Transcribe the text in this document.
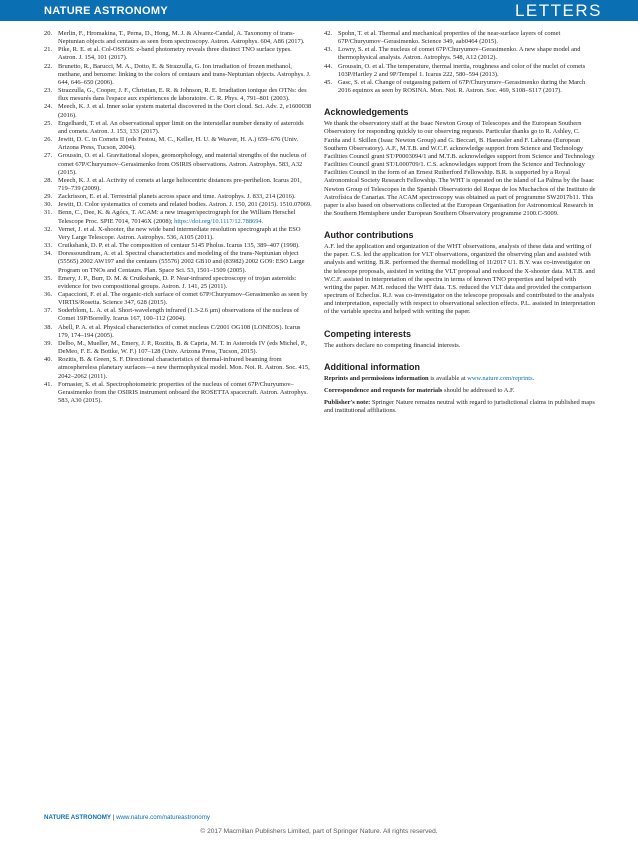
NATURE ASTRONOMY	LETTERS
20. Merlin, F., Hromakina, T., Perna, D., Hong, M. J. & Alvarez-Candal, A. Taxonomy of trans-Neptunian objects and centaurs as seen from spectroscopy. Astron. Astrophys. 604, A86 (2017).
21. Pike, R. E. et al. Col-OSSOS: z-band photometry reveals three distinct TNO surface types. Astron. J. 154, 101 (2017).
22. Brunetto, R., Barucci, M. A., Dotto, E. & Strazzulla, G. Ion irradiation of frozen methanol, methane, and benzene: linking to the colors of centaurs and trans-Neptunian objects. Astrophys. J. 644, 646–650 (2006).
23. Strazzulla, G., Cooper, J. F., Christian, E. R. & Johnson, R. E. Irradiation ionique des OTNs: des flux mesurés dans l'espace aux expériences de laboratoire. C. R. Phys. 4, 791–801 (2003).
24. Meech, K. J. et al. Inner solar system material discovered in the Oort cloud. Sci. Adv. 2, e1600038 (2016).
25. Engelhardt, T. et al. An observational upper limit on the interstellar number density of asteroids and comets. Astron. J. 153, 133 (2017).
26. Jewitt, D. C. in Comets II (eds Festou, M. C., Keller, H. U. & Weaver, H. A.) 659–676 (Univ. Arizona Press, Tucson, 2004).
27. Groussin, O. et al. Gravitational slopes, geomorphology, and material strengths of the nucleus of comet 67P/Churyumov–Gerasimenko from OSIRIS observations. Astron. Astrophys. 583, A32 (2015).
28. Meech, K. J. et al. Activity of comets at large heliocentric distances pre-perihelion. Icarus 201, 719–739 (2009).
29. Zackrisson, E. et al. Terrestrial planets across space and time. Astrophys. J. 833, 214 (2016).
30. Jewitt, D. Color systematics of comets and related bodies. Astron. J. 150, 201 (2015). 1510.07069.
31. Benn, C., Dee, K. & Agócs, T. ACAM: a new imager/spectrograph for the William Herschel Telescope Proc. SPIE 7014, 70146X (2008); https://doi.org/10.1117/12.788694.
32. Vernet, J. et al. X-shooter, the new wide band intermediate resolution spectrograph at the ESO Very Large Telescope. Astron. Astrophys. 536, A105 (2011).
33. Cruikshank, D. P. et al. The composition of centaur 5145 Pholus. Icarus 135, 389–407 (1998).
34. Doressoundiram, A. et al. Spectral characteristics and modeling of the trans-Neptunian object (55565) 2002 AW197 and the centaurs (55576) 2002 GB10 and (83982) 2002 GO9: ESO Large Program on TNOs and Centaurs. Plan. Space Sci. 53, 1501–1509 (2005).
35. Emery, J. P., Burr, D. M. & Cruikshank, D. P. Near-infrared spectroscopy of trojan asteroids: evidence for two compositional groups. Astron. J. 141, 25 (2011).
36. Capaccioni, F. et al. The organic-rich surface of comet 67P/Churyumov–Gerasimenko as seen by VIRTIS/Rosetta. Science 347, 628 (2015).
37. Soderblom, L. A. et al. Short-wavelength infrared (1.3-2.6 μm) observations of the nucleus of Comet 19P/Borrelly. Icarus 167, 100–112 (2004).
38. Abell, P. A. et al. Physical characteristics of comet nucleus C/2001 OG108 (LONEOS). Icarus 179, 174–194 (2005).
39. Delbo, M., Mueller, M., Emery, J. P., Rozitis, B. & Capria, M. T. in Asteroids IV (eds Michel, P., DeMeo, F. E. & Bottke, W. F.) 107–128 (Univ. Arizona Press, Tucson, 2015).
40. Rozitis, B. & Green, S. F. Directional characteristics of thermal-infrared beaming from atmosphereless planetary surfaces—a new thermophysical model. Mon. Not. R. Astron. Soc. 415, 2042–2062 (2011).
41. Fornasier, S. et al. Spectrophotometric properties of the nucleus of comet 67P/Churyumov–Gerasimenko from the OSIRIS instrument onboard the ROSETTA spacecraft. Astron. Astrophys. 583, A30 (2015).
42. Spohn, T. et al. Thermal and mechanical properties of the near-surface layers of comet 67P/Churyumov–Gerasimenko. Science 349, aab0464 (2015).
43. Lowry, S. et al. The nucleus of comet 67P/Churyumov–Gerasimenko. A new shape model and thermophysical analysis. Astron. Astrophys. 548, A12 (2012).
44. Groussin, O. et al. The temperature, thermal inertia, roughness and color of the nuclei of comets 103P/Hartley 2 and 9P/Tempel 1. Icarus 222, 580–594 (2013).
45. Gasc, S. et al. Change of outgassing pattern of 67P/Churyumov–Gerasimenko during the March 2016 equinox as seen by ROSINA. Mon. Not. R. Astron. Soc. 469, S108–S117 (2017).
Acknowledgements

We thank the observatory staff at the Isaac Newton Group of Telescopes and the European Southern Observatory for responding quickly to our observing requests. Particular thanks go to R. Ashley, C. Fariña and I. Skillen (Isaac Newton Group) and G. Beccari, B. Haeussler and F. Labrana (European Southern Observatory). A.F., M.T.B. and W.C.F. acknowledge support from Science and Technology Facilities Council grant ST/P0003094/1 and M.T.B. acknowledges support from Science and Technology Facilities Council grant ST/L000709/1. C.S. acknowledges support from the Science and Technology Facilities Council in the form of an Ernest Rutherford Fellowship. B.R. is supported by a Royal Astronomical Society Research Fellowship. The WHT is operated on the island of La Palma by the Isaac Newton Group of Telescopes in the Spanish Observatorio del Roque de los Muchachos of the Instituto de Astrofísica de Canarias. The ACAM spectroscopy was obtained as part of programme SW2017b11. This paper is also based on observations collected at the European Organisation for Astronomical Research in the Southern Hemisphere under European Southern Observatory programme 2100.C-5009.

Author contributions

A.F. led the application and organization of the WHT observations, analysis of these data and writing of the paper. C.S. led the application for VLT observations, organized the observing plan and assisted with analysis and writing. B.R. performed the thermal modelling of 1I/2017 U1. B.Y. was co-investigator on the telescope proposals, assisted in writing the VLT proposal and reduced the X-shooter data. M.T.B. and W.C.F. assisted in interpretation of the spectra in terms of known TNO properties and helped with writing the paper. M.H. reduced the WHT data. T.S. reduced the VLT data and provided the comparison spectrum of Echeclus. R.J. was co-investigator on the telescope proposals and contributed to the analysis and interpretation, especially with respect to observational selection effects. P.L. assisted in interpretation of the variable spectra and helped with writing the paper.

Competing interests

The authors declare no competing financial interests.

Additional information

Reprints and permissions information is available at www.nature.com/reprints.

Correspondence and requests for materials should be addressed to A.F.

Publisher's note: Springer Nature remains neutral with regard to jurisdictional claims in published maps and institutional affiliations.

NATURE ASTRONOMY | www.nature.com/natureastronomy
© 2017 Macmillan Publishers Limited, part of Springer Nature. All rights reserved.
